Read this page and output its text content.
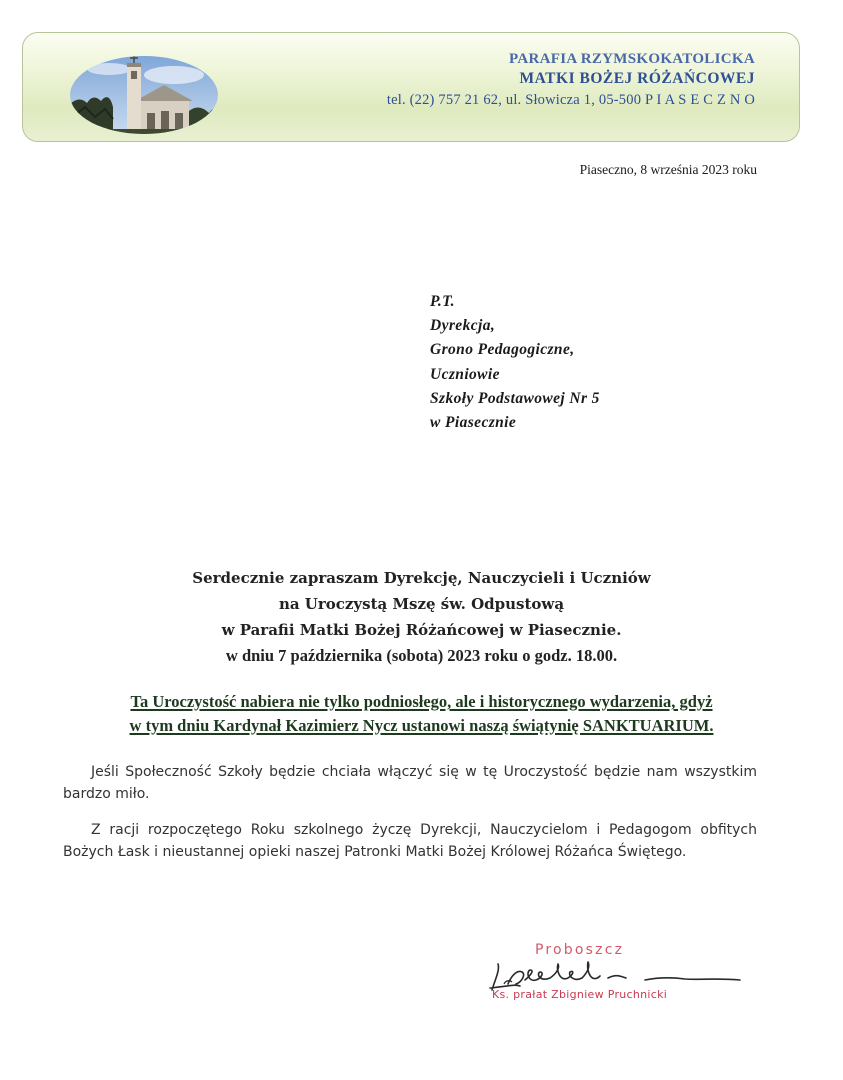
PARAFIA RZYMSKOKATOLICKA
MATKI BOŻEJ RÓŻAŃCOWEJ
tel. (22) 757 21 62, ul. Słowicza 1, 05-500 P I A S E C Z N O
Piaseczno, 8 września 2023 roku
P.T.
Dyrekcja,
Grono Pedagogiczne,
Uczniowie
Szkoły Podstawowej Nr 5
w Piasecznie
Serdecznie zapraszam Dyrekcję, Nauczycieli i Uczniów
na Uroczystą Mszę św. Odpustową
w Parafii Matki Bożej Różańcowej w Piasecznie.
w dniu 7 października (sobota) 2023 roku o godz. 18.00.
Ta Uroczystość nabiera nie tylko podniosłego, ale i historycznego wydarzenia, gdyż
w tym dniu Kardynał Kazimierz Nycz ustanowi naszą świątynię SANKTUARIUM.
Jeśli Społeczność Szkoły będzie chciała włączyć się w tę Uroczystość będzie nam wszystkim bardzo miło.
Z racji rozpoczętego Roku szkolnego życzę Dyrekcji, Nauczycielom i Pedagogom obfitych Bożych Łask i nieustannej opieki naszej Patronki Matki Bożej Królowej Różańca Świętego.
Proboszcz
Ks. prałat Zbigniew Pruchnicki
